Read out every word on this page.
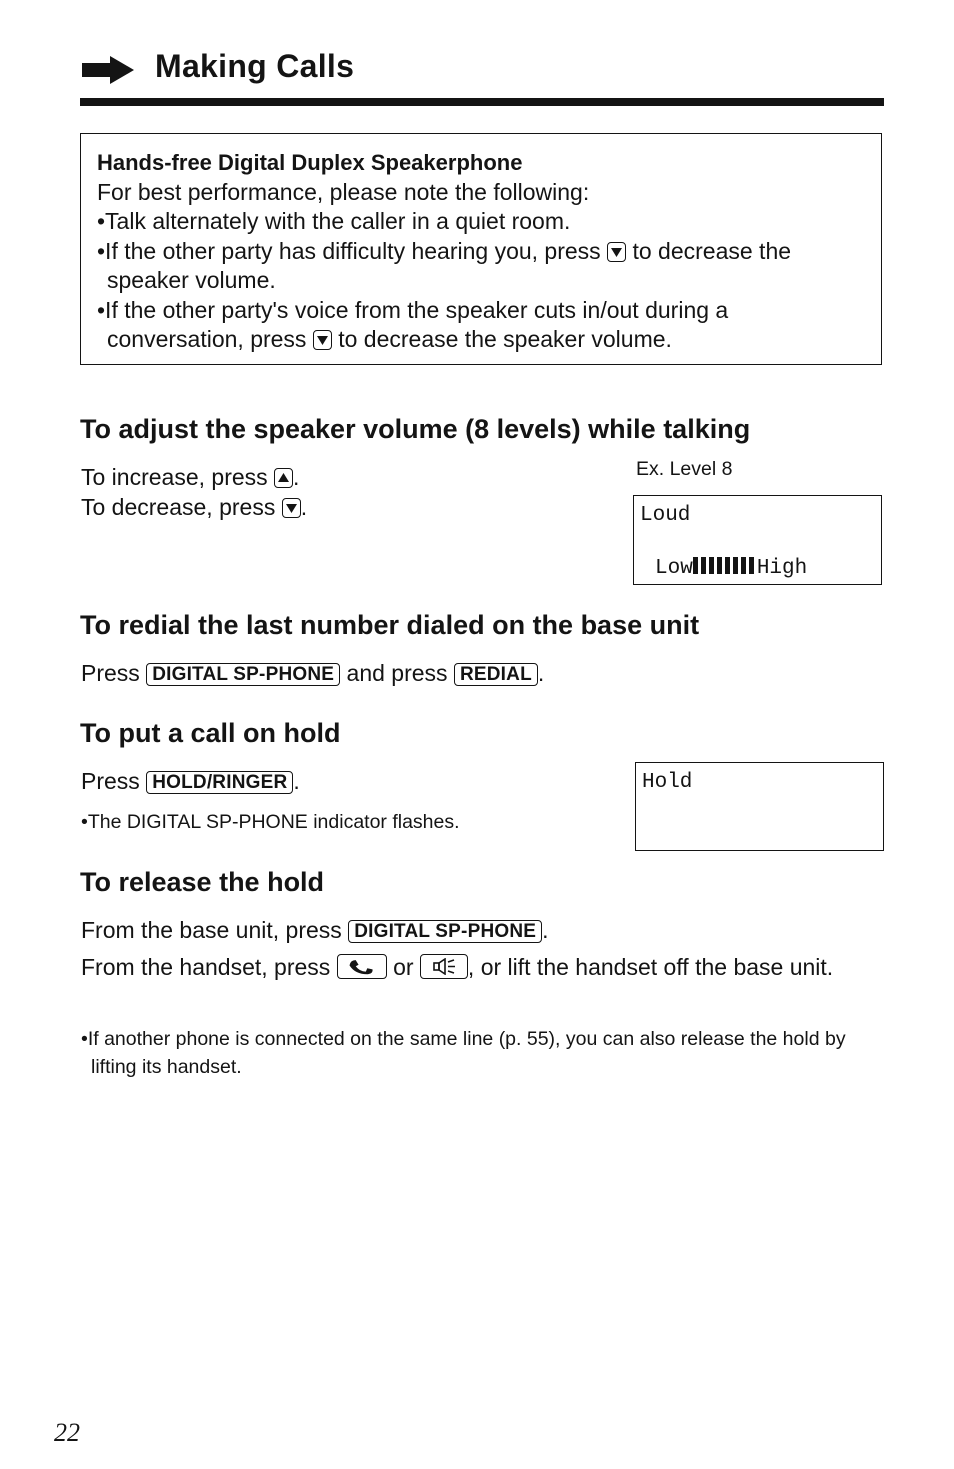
Making Calls
Hands-free Digital Duplex Speakerphone
For best performance, please note the following:
•Talk alternately with the caller in a quiet room.
•If the other party has difficulty hearing you, press to decrease the speaker volume.
•If the other party's voice from the speaker cuts in/out during a conversation, press to decrease the speaker volume.
To adjust the speaker volume (8 levels) while talking
To increase, press .
To decrease, press .
Ex. Level 8
Loud
Low	High
To redial the last number dialed on the base unit
Press DIGITAL SP-PHONE and press REDIAL .
To put a call on hold
Press HOLD/RINGER .
•The DIGITAL SP-PHONE indicator flashes.
Hold
To release the hold
From the base unit, press DIGITAL SP-PHONE .
From the handset, press	or , or lift the handset off the base unit.
•If another phone is connected on the same line (p. 55), you can also release the hold by lifting its handset.
22
